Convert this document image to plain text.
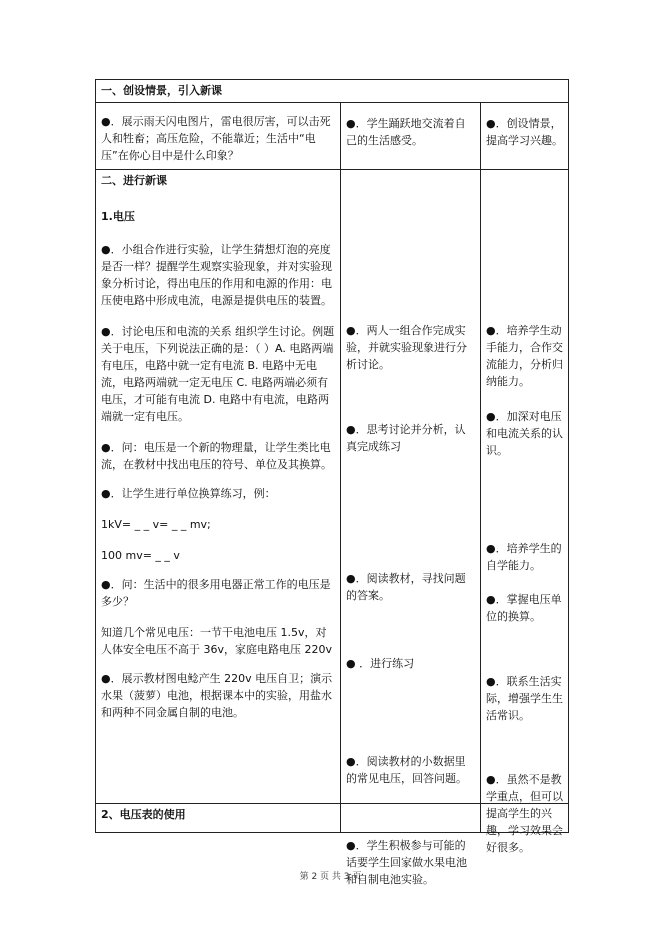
一、创设情景，引入新课

●．展示雨天闪电图片，雷电很厉害，可以击死人和牲畜；高压危险，不能靠近；生活中“电压”在你心目中是什么印象？

●．学生踊跃地交流着自己的生活感受。

●．创设情景，提高学习兴趣。

二、进行新课
1.电压

●．小组合作进行实验，让学生猜想灯泡的亮度是否一样？提醒学生观察实验现象，并对实验现象分析讨论，得出电压的作用和电源的作用：电压使电路中形成电流，电源是提供电压的装置。

●．讨论电压和电流的关系 组织学生讨论。例题 关于电压，下列说法正确的是：（ ）A. 电路两端有电压，电路中就一定有电流 B. 电路中无电流，电路两端就一定无电压 C. 电路两端必须有电压，才可能有电流 D. 电路中有电流，电路两端就一定有电压。

●．问：电压是一个新的物理量，让学生类比电流，在教材中找出电压的符号、单位及其换算。

●．让学生进行单位换算练习，例：

1kV= _ _ v= _ _ mv;

100 mv= _ _ v

●．问：生活中的很多用电器正常工作的电压是多少？

知道几个常见电压：一节干电池电压 1.5v，对人体安全电压不高于 36v，家庭电路电压 220v

●．展示教材图电鲶产生 220v 电压自卫；演示水果（菠萝）电池，根据课本中的实验，用盐水和两种不同金属自制的电池。

●．两人一组合作完成实验，并就实验现象进行分析讨论。

●．思考讨论并分析，认真完成练习

●．阅读教材，寻找问题的答案。

● ．进行练习

●．阅读教材的小数据里的常见电压，回答问题。

●．学生积极参与可能的话要学生回家做水果电池和自制电池实验。

●．培养学生动手能力，合作交流能力，分析归纳能力。

●．加深对电压和电流关系的认识。

●．培养学生的自学能力。

●．掌握电压单位的换算。

●．联系生活实际，增强学生生活常识。

●．虽然不是教学重点，但可以提高学生的兴趣，学习效果会好很多。

2、电压表的使用
第 2 页 共 3 页
